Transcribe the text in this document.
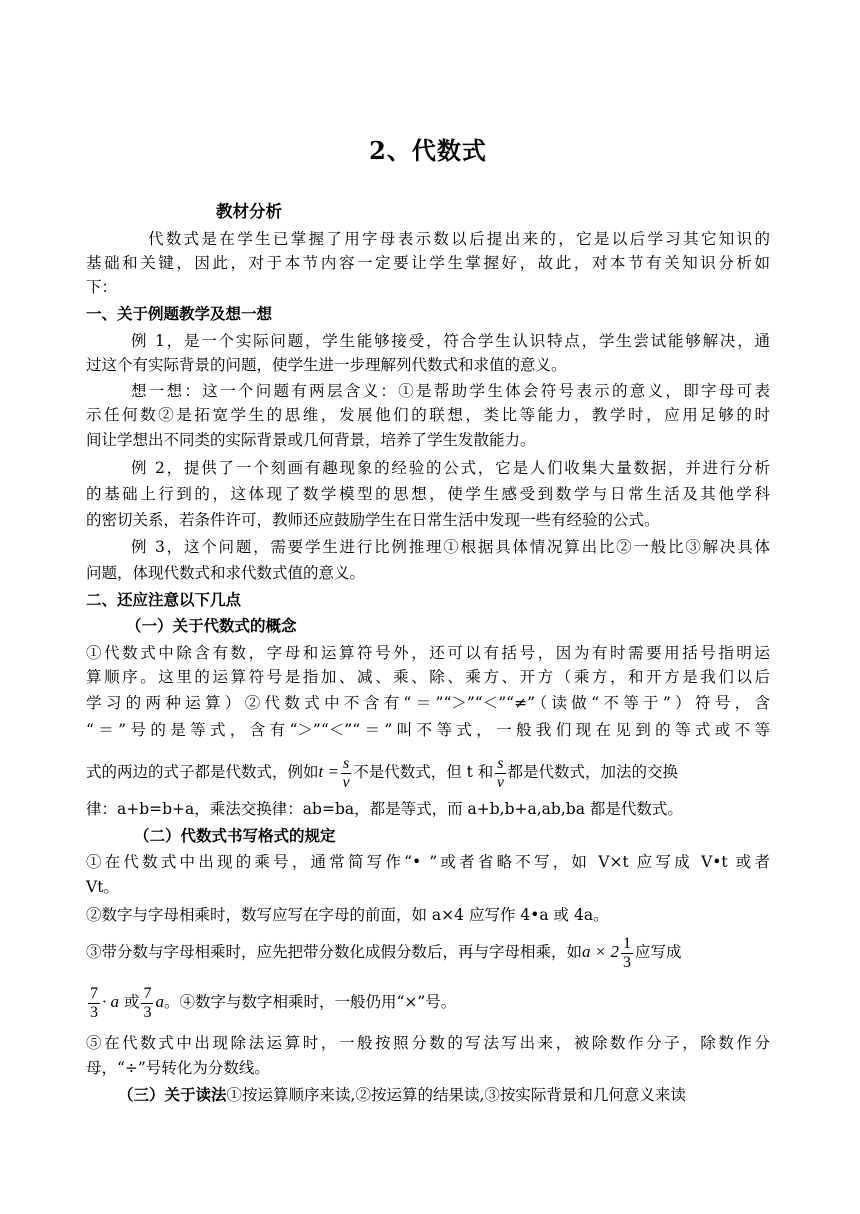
2、代数式
教材分析
代数式是在学生已掌握了用字母表示数以后提出来的，它是以后学习其它知识的
基础和关键，因此，对于本节内容一定要让学生掌握好，故此，对本节有关知识分析如
下：
一、关于例题教学及想一想
例 1，是一个实际问题，学生能够接受，符合学生认识特点，学生尝试能够解决，通
过这个有实际背景的问题，使学生进一步理解列代数式和求值的意义。
想一想：这一个问题有两层含义：①是帮助学生体会符号表示的意义，即字母可表
示任何数②是拓宽学生的思维，发展他们的联想，类比等能力，教学时，应用足够的时
间让学想出不同类的实际背景或几何背景，培养了学生发散能力。
例 2，提供了一个刻画有趣现象的经验的公式，它是人们收集大量数据，并进行分析
的基础上行到的，这体现了数学模型的思想，使学生感受到数学与日常生活及其他学科
的密切关系，若条件许可，教师还应鼓励学生在日常生活中发现一些有经验的公式。
例 3，这个问题，需要学生进行比例推理①根据具体情况算出比②一般比③解决具体
问题，体现代数式和求代数式值的意义。
二、还应注意以下几点
（一）关于代数式的概念
①代数式中除含有数，字母和运算符号外，还可以有括号，因为有时需要用括号指明运
算顺序。这里的运算符号是指加、减、乘、除、乘方、开方（乘方，和开方是我们以后
学习的两种运算）②代数式中不含有“＝”“＞”“＜”“≠”（读做“不等于”）符号，含
“＝”号的是等式，含有“＞”“＜”“＝”叫不等式，一般我们现在见到的等式或不等
式的两边的式子都是代数式，例如$t = \frac{s}{v}$ 不是代数式，但 t 和 $\frac{s}{v}$ 都是代数式，加法的交换
律：a+b=b+a，乘法交换律：ab=ba，都是等式，而 a+b,b+a,ab,ba 都是代数式。
（二）代数式书写格式的规定
①在代数式中出现的乘号，通常简写作“• ”或者省略不写，如 V×t 应写成 V•t 或者
Vt。
②数字与字母相乘时，数写应写在字母的前面，如 a×4 应写作 4•a 或 4a。
③带分数与字母相乘时，应先把带分数化成假分数后，再与字母相乘，如$a \times 2 \frac{1}{3}$ 应写成
$\frac{7}{3} \cdot a$ 或 $\frac{7}{3}$ a。④数字与数字相乘时，一般仍用“×”号。
⑤在代数式中出现除法运算时，一般按照分数的写法写出来，被除数作分子，除数作分
母，“÷”号转化为分数线。
（三）关于读法①按运算顺序来读,②按运算的结果读,③按实际背景和几何意义来读
